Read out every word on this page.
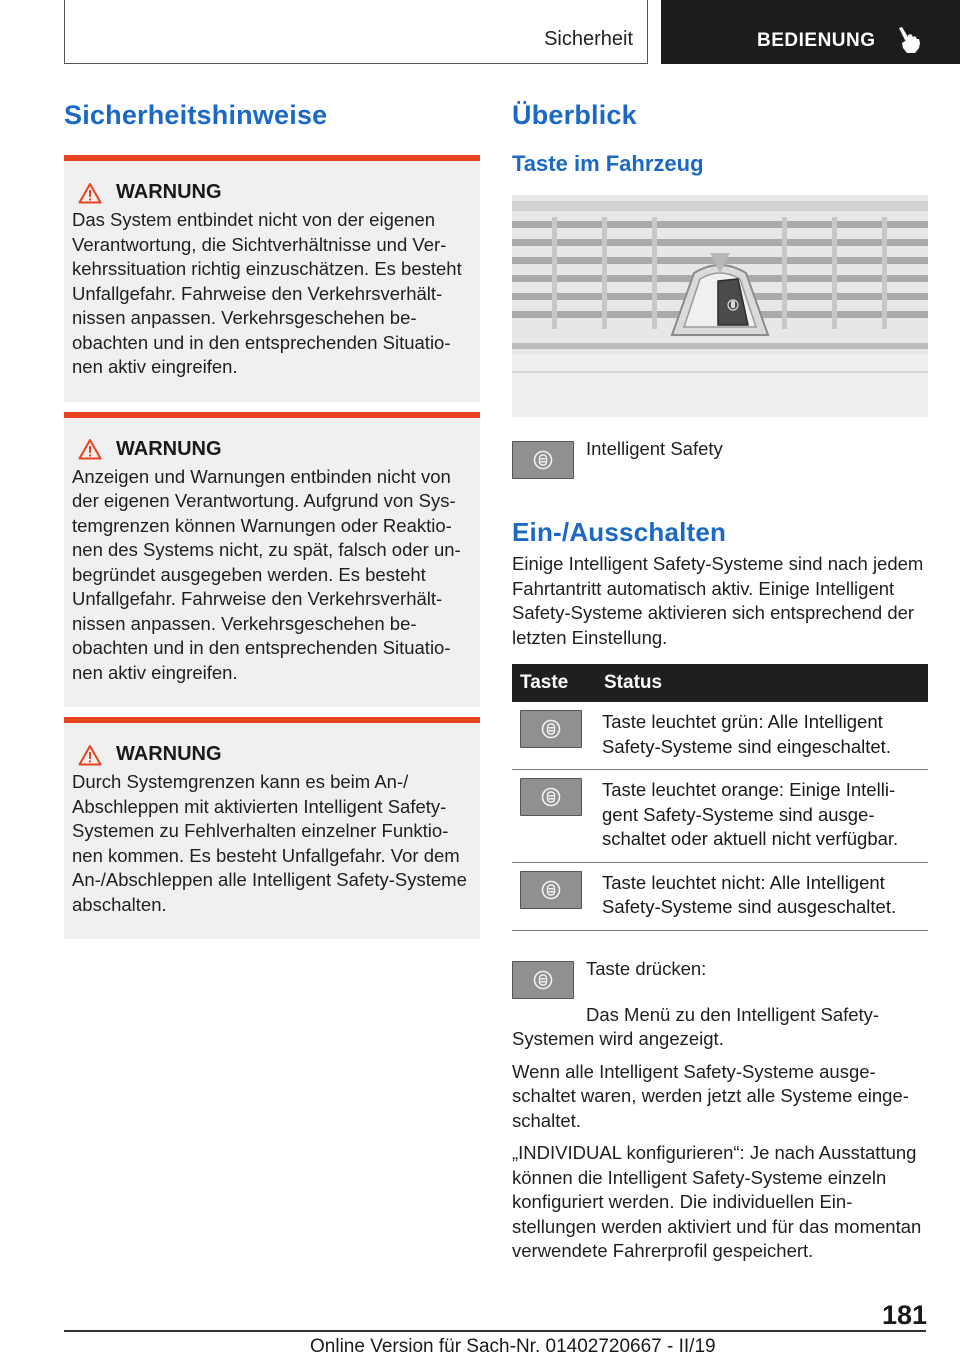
Sicherheit	BEDIENUNG
Sicherheitshinweise
WARNUNG

Das System entbindet nicht von der eigenen Verantwortung, die Sichtverhältnisse und Verkehrssituation richtig einzuschätzen. Es besteht Unfallgefahr. Fahrweise den Verkehrsverhältnissen anpassen. Verkehrsgeschehen beobachten und in den entsprechenden Situationen aktiv eingreifen.

WARNUNG

Anzeigen und Warnungen entbinden nicht von der eigenen Verantwortung. Aufgrund von Systemgrenzen können Warnungen oder Reaktionen des Systems nicht, zu spät, falsch oder unbegründet ausgegeben werden. Es besteht Unfallgefahr. Fahrweise den Verkehrsverhältnissen anpassen. Verkehrsgeschehen beobachten und in den entsprechenden Situationen aktiv eingreifen.

WARNUNG

Durch Systemgrenzen kann es beim An-/ Abschleppen mit aktivierten Intelligent Safety-Systemen zu Fehlverhalten einzelner Funktionen kommen. Es besteht Unfallgefahr. Vor dem An-/Abschleppen alle Intelligent Safety-Systeme abschalten.

Überblick
Taste im Fahrzeug

Intelligent Safety

Ein-/Ausschalten

Einige Intelligent Safety-Systeme sind nach jedem Fahrtantritt automatisch aktiv. Einige Intelligent Safety-Systeme aktivieren sich entsprechend der letzten Einstellung.

Taste	Status

	Taste leuchtet grün: Alle Intelligent Safety-Systeme sind eingeschaltet.

	Taste leuchtet orange: Einige Intelligent Safety-Systeme sind ausgeschaltet oder aktuell nicht verfügbar.

	Taste leuchtet nicht: Alle Intelligent Safety-Systeme sind ausgeschaltet.

Taste drücken:

Das Menü zu den Intelligent Safety-Systemen wird angezeigt.

Wenn alle Intelligent Safety-Systeme ausgeschaltet waren, werden jetzt alle Systeme eingeschaltet.

„INDIVIDUAL konfigurieren“: Je nach Ausstattung können die Intelligent Safety-Systeme einzeln konfiguriert werden. Die individuellen Einstellungen werden aktiviert und für das momentan verwendete Fahrerprofil gespeichert.

181
Online Version für Sach-Nr. 01402720667 - II/19
